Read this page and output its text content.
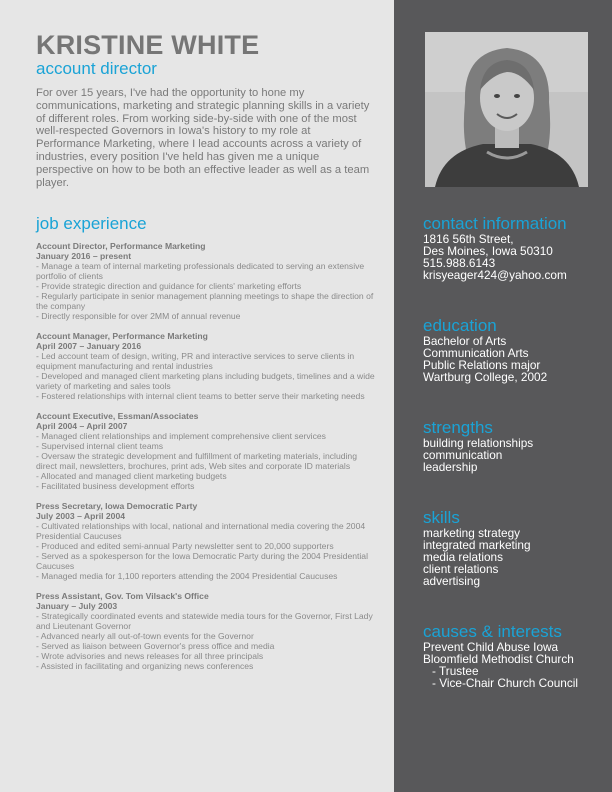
KRISTINE WHITE
account director

For over 15 years, I've had the opportunity to hone my communications, marketing and strategic planning skills in a variety of different roles. From working side-by-side with one of the most well-respected Governors in Iowa's history to my role at Performance Marketing, where I lead accounts across a variety of industries, every position I've held has given me a unique perspective on how to be both an effective leader as well as a team player.

job experience
Account Director, Performance Marketing
January 2016 – present
- Manage a team of internal marketing professionals dedicated to serving an extensive portfolio of clients
- Provide strategic direction and guidance for clients' marketing efforts
- Regularly participate in senior management planning meetings to shape the direction of the company
- Directly responsible for over 2MM of annual revenue
Account Manager, Performance Marketing
April 2007 – January 2016
- Led account team of design, writing, PR and interactive services to serve clients in equipment manufacturing and rental industries
- Developed and managed client marketing plans including budgets, timelines and a wide variety of marketing and sales tools
- Fostered relationships with internal client teams to better serve their marketing needs
Account Executive, Essman/Associates
April 2004 – April 2007
- Managed client relationships and implement comprehensive client services
- Supervised internal client teams
- Oversaw the strategic development and fulfillment of marketing materials, including direct mail, newsletters, brochures, print ads, Web sites and corporate ID materials
- Allocated and managed client marketing budgets
- Facilitated business development efforts
Press Secretary, Iowa Democratic Party
July 2003 – April 2004
- Cultivated relationships with local, national and international media covering the 2004 Presidential Caucuses
- Produced and edited semi-annual Party newsletter sent to 20,000 supporters
- Served as a spokesperson for the Iowa Democratic Party during the 2004 Presidential Caucuses
- Managed media for 1,100 reporters attending the 2004 Presidential Caucuses
Press Assistant, Gov. Tom Vilsack's Office
January – July 2003
- Strategically coordinated events and statewide media tours for the Governor, First Lady and Lieutenant Governor
- Advanced nearly all out-of-town events for the Governor
- Served as liaison between Governor's press office and media
- Wrote advisories and news releases for all three principals
- Assisted in facilitating and organizing news conferences
contact information
1816 56th Street,
Des Moines, Iowa 50310
515.988.6143
krisyeager424@yahoo.com
education
Bachelor of Arts
Communication Arts
Public Relations major
Wartburg College, 2002
strengths
building relationships
communication
leadership
skills
marketing strategy
integrated marketing
media relations
client relations
advertising
causes & interests
Prevent Child Abuse Iowa
Bloomfield Methodist Church
- Trustee
- Vice-Chair Church Council
